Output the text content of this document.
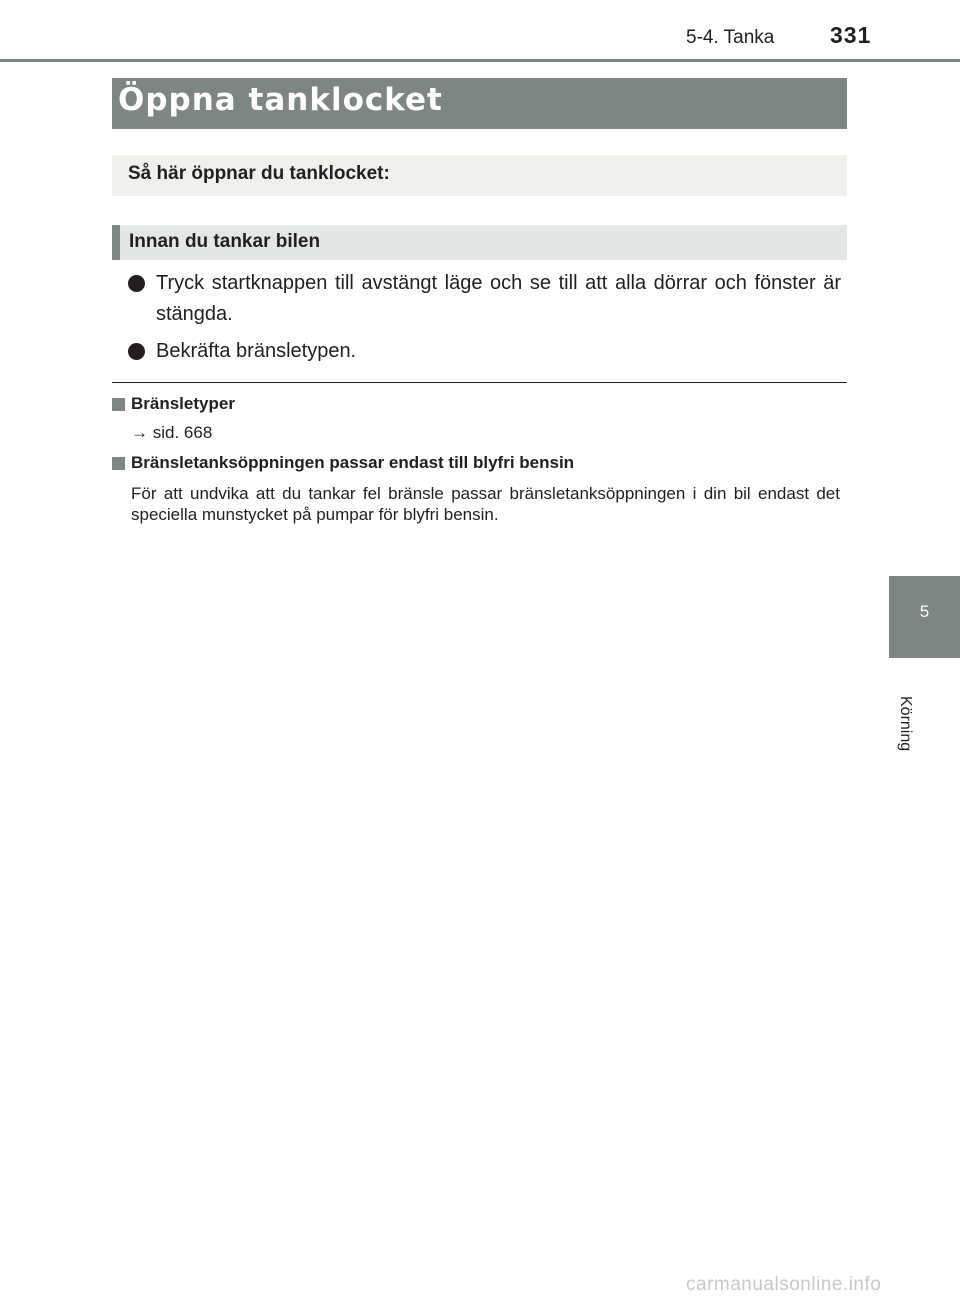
5-4. Tanka 331
Öppna tanklocket
Så här öppnar du tanklocket:
Innan du tankar bilen
Tryck startknappen till avstängt läge och se till att alla dörrar och fönster är stängda.
Bekräfta bränsletypen.
Bränsletyper
→ sid. 668
Bränsletanksöppningen passar endast till blyfri bensin
För att undvika att du tankar fel bränsle passar bränsletanksöppningen i din bil endast det speciella munstycket på pumpar för blyfri bensin.
5
Körning
carmanualsonline.info
